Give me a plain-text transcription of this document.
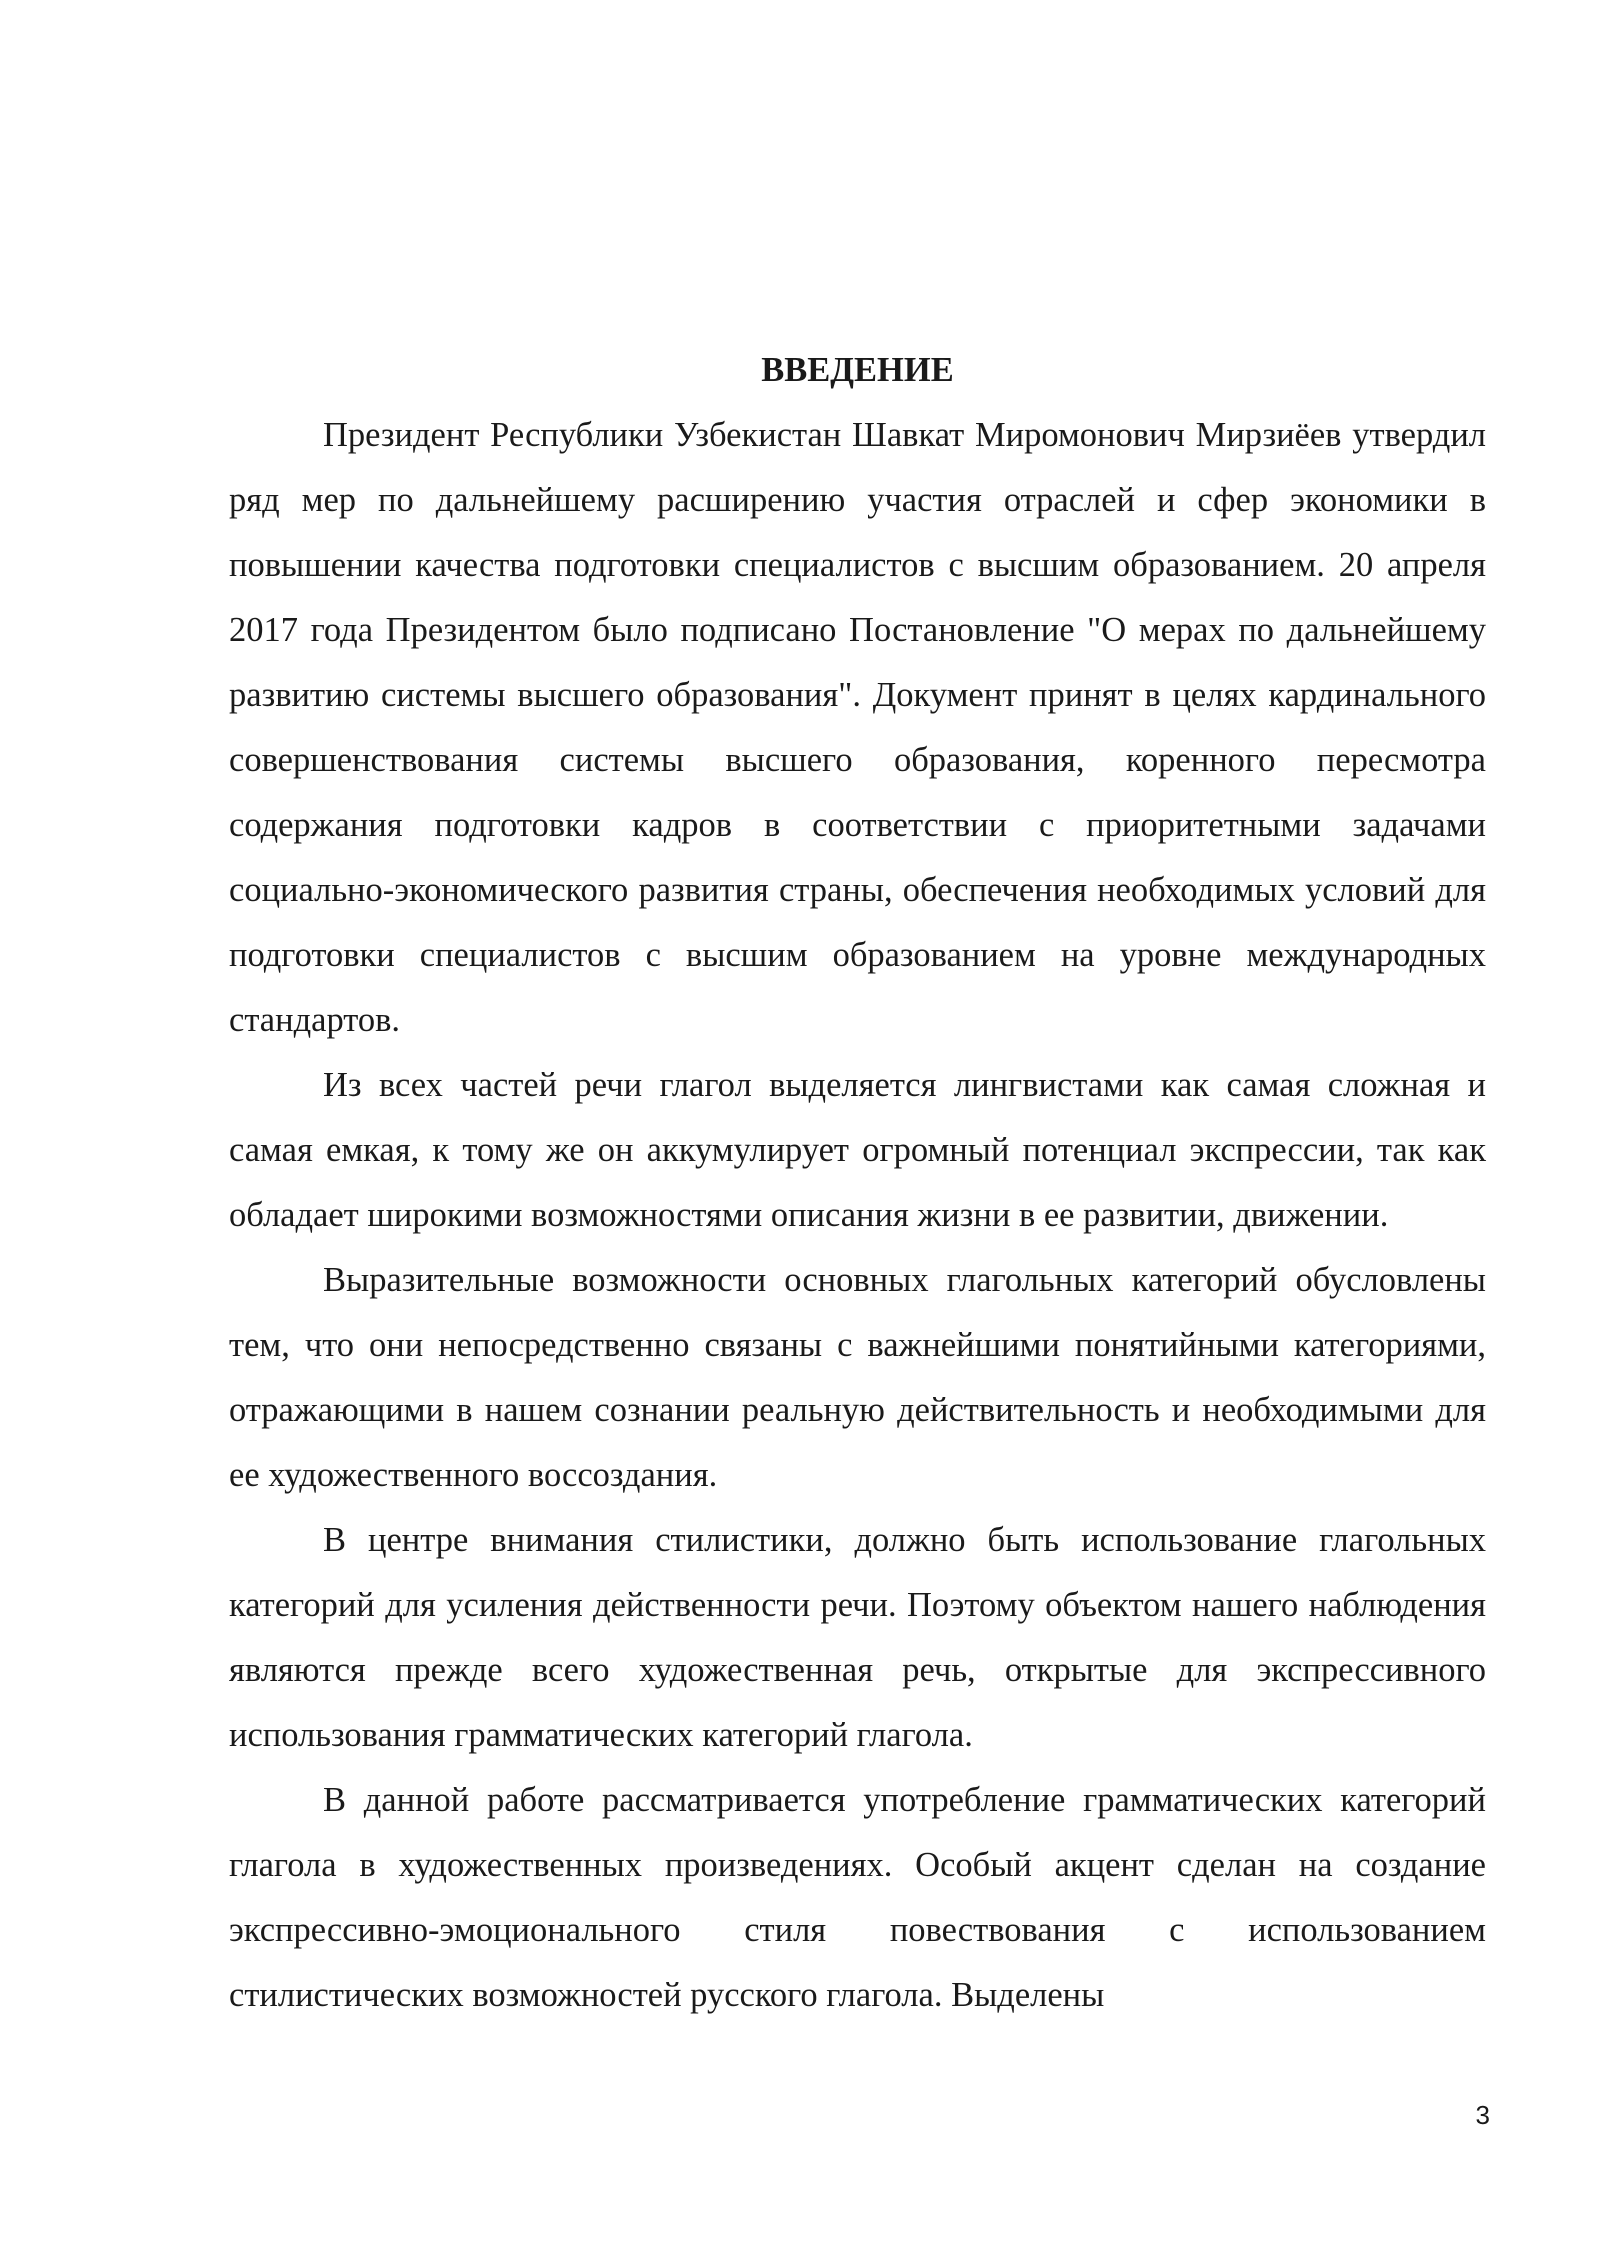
ВВЕДЕНИЕ

Президент Республики Узбекистан Шавкат Миромонович Мирзиёев утвердил ряд мер по дальнейшему расширению участия отраслей и сфер экономики в повышении качества подготовки специалистов с высшим образованием. 20 апреля 2017 года Президентом было подписано Постановление "О мерах по дальнейшему развитию системы высшего образования". Документ принят в целях кардинального совершенствования системы высшего образования, коренного пересмотра содержания подготовки кадров в соответствии с приоритетными задачами социально-экономического развития страны, обеспечения необходимых условий для подготовки специалистов с высшим образованием на уровне международных стандартов.

Из всех частей речи глагол выделяется лингвистами как самая сложная и самая емкая, к тому же он аккумулирует огромный потенциал экспрессии, так как обладает широкими возможностями описания жизни в ее развитии, движении.

Выразительные возможности основных глагольных категорий обусловлены тем, что они непосредственно связаны с важнейшими понятийными категориями, отражающими в нашем сознании реальную действительность и необходимыми для ее художественного воссоздания.

В центре внимания стилистики, должно быть использование глагольных категорий для усиления действенности речи. Поэтому объектом нашего наблюдения являются прежде всего художественная речь, открытые для экспрессивного использования грамматических категорий глагола.

В данной работе рассматривается употребление грамматических категорий глагола в художественных произведениях. Особый акцент сделан на создание экспрессивно-эмоционального стиля повествования с использованием стилистических возможностей русского глагола. Выделены

3
